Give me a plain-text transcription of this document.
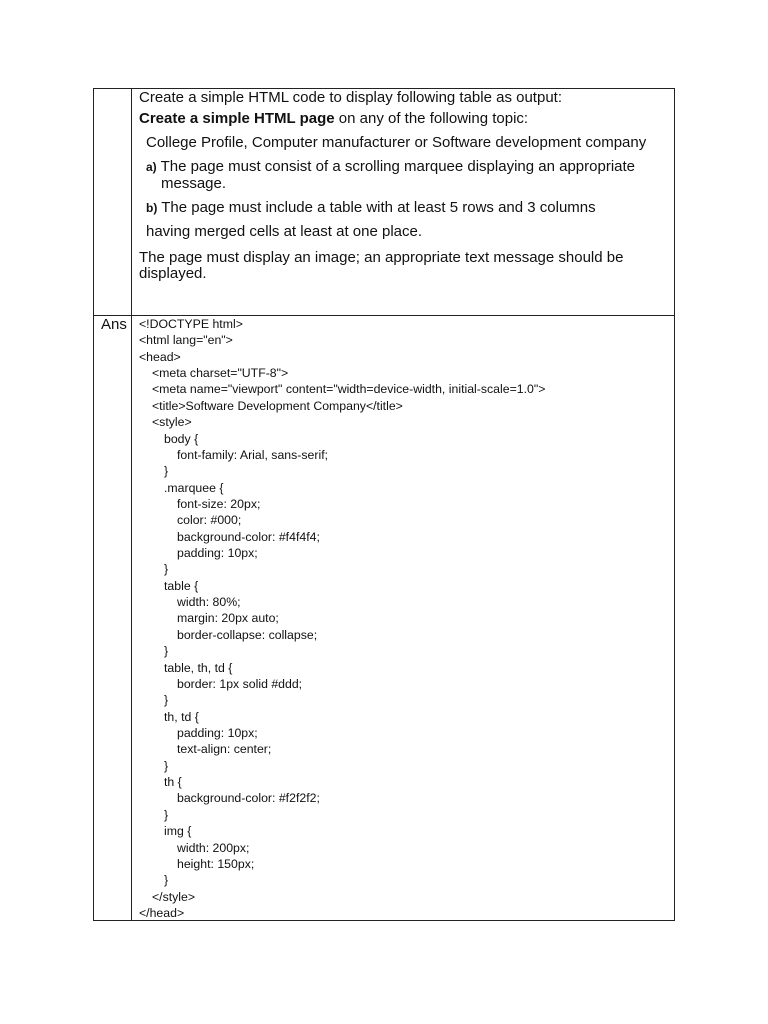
Create a simple HTML code to display following table as output:
Create a simple HTML page on any of the following topic:
College Profile, Computer manufacturer or Software development company
a) The page must consist of a scrolling marquee displaying an appropriate
message.
b) The page must include a table with at least 5 rows and 3 columns
having merged cells at least at one place.
The page must display an image; an appropriate text message should be
displayed.
Ans <!DOCTYPE html>
<html lang="en">
<head>
<meta charset="UTF-8">
<meta name="viewport" content="width=device-width, initial-scale=1.0">
<title>Software Development Company</title>
<style>
body {
font-family: Arial, sans-serif;
}
.marquee {
font-size: 20px;
color: #000;
background-color: #f4f4f4;
padding: 10px;
}
table {
width: 80%;
margin: 20px auto;
border-collapse: collapse;
}
table, th, td {
border: 1px solid #ddd;
}
th, td {
padding: 10px;
text-align: center;
}
th {
background-color: #f2f2f2;
}
img {
width: 200px;
height: 150px;
}
</style>
</head>
